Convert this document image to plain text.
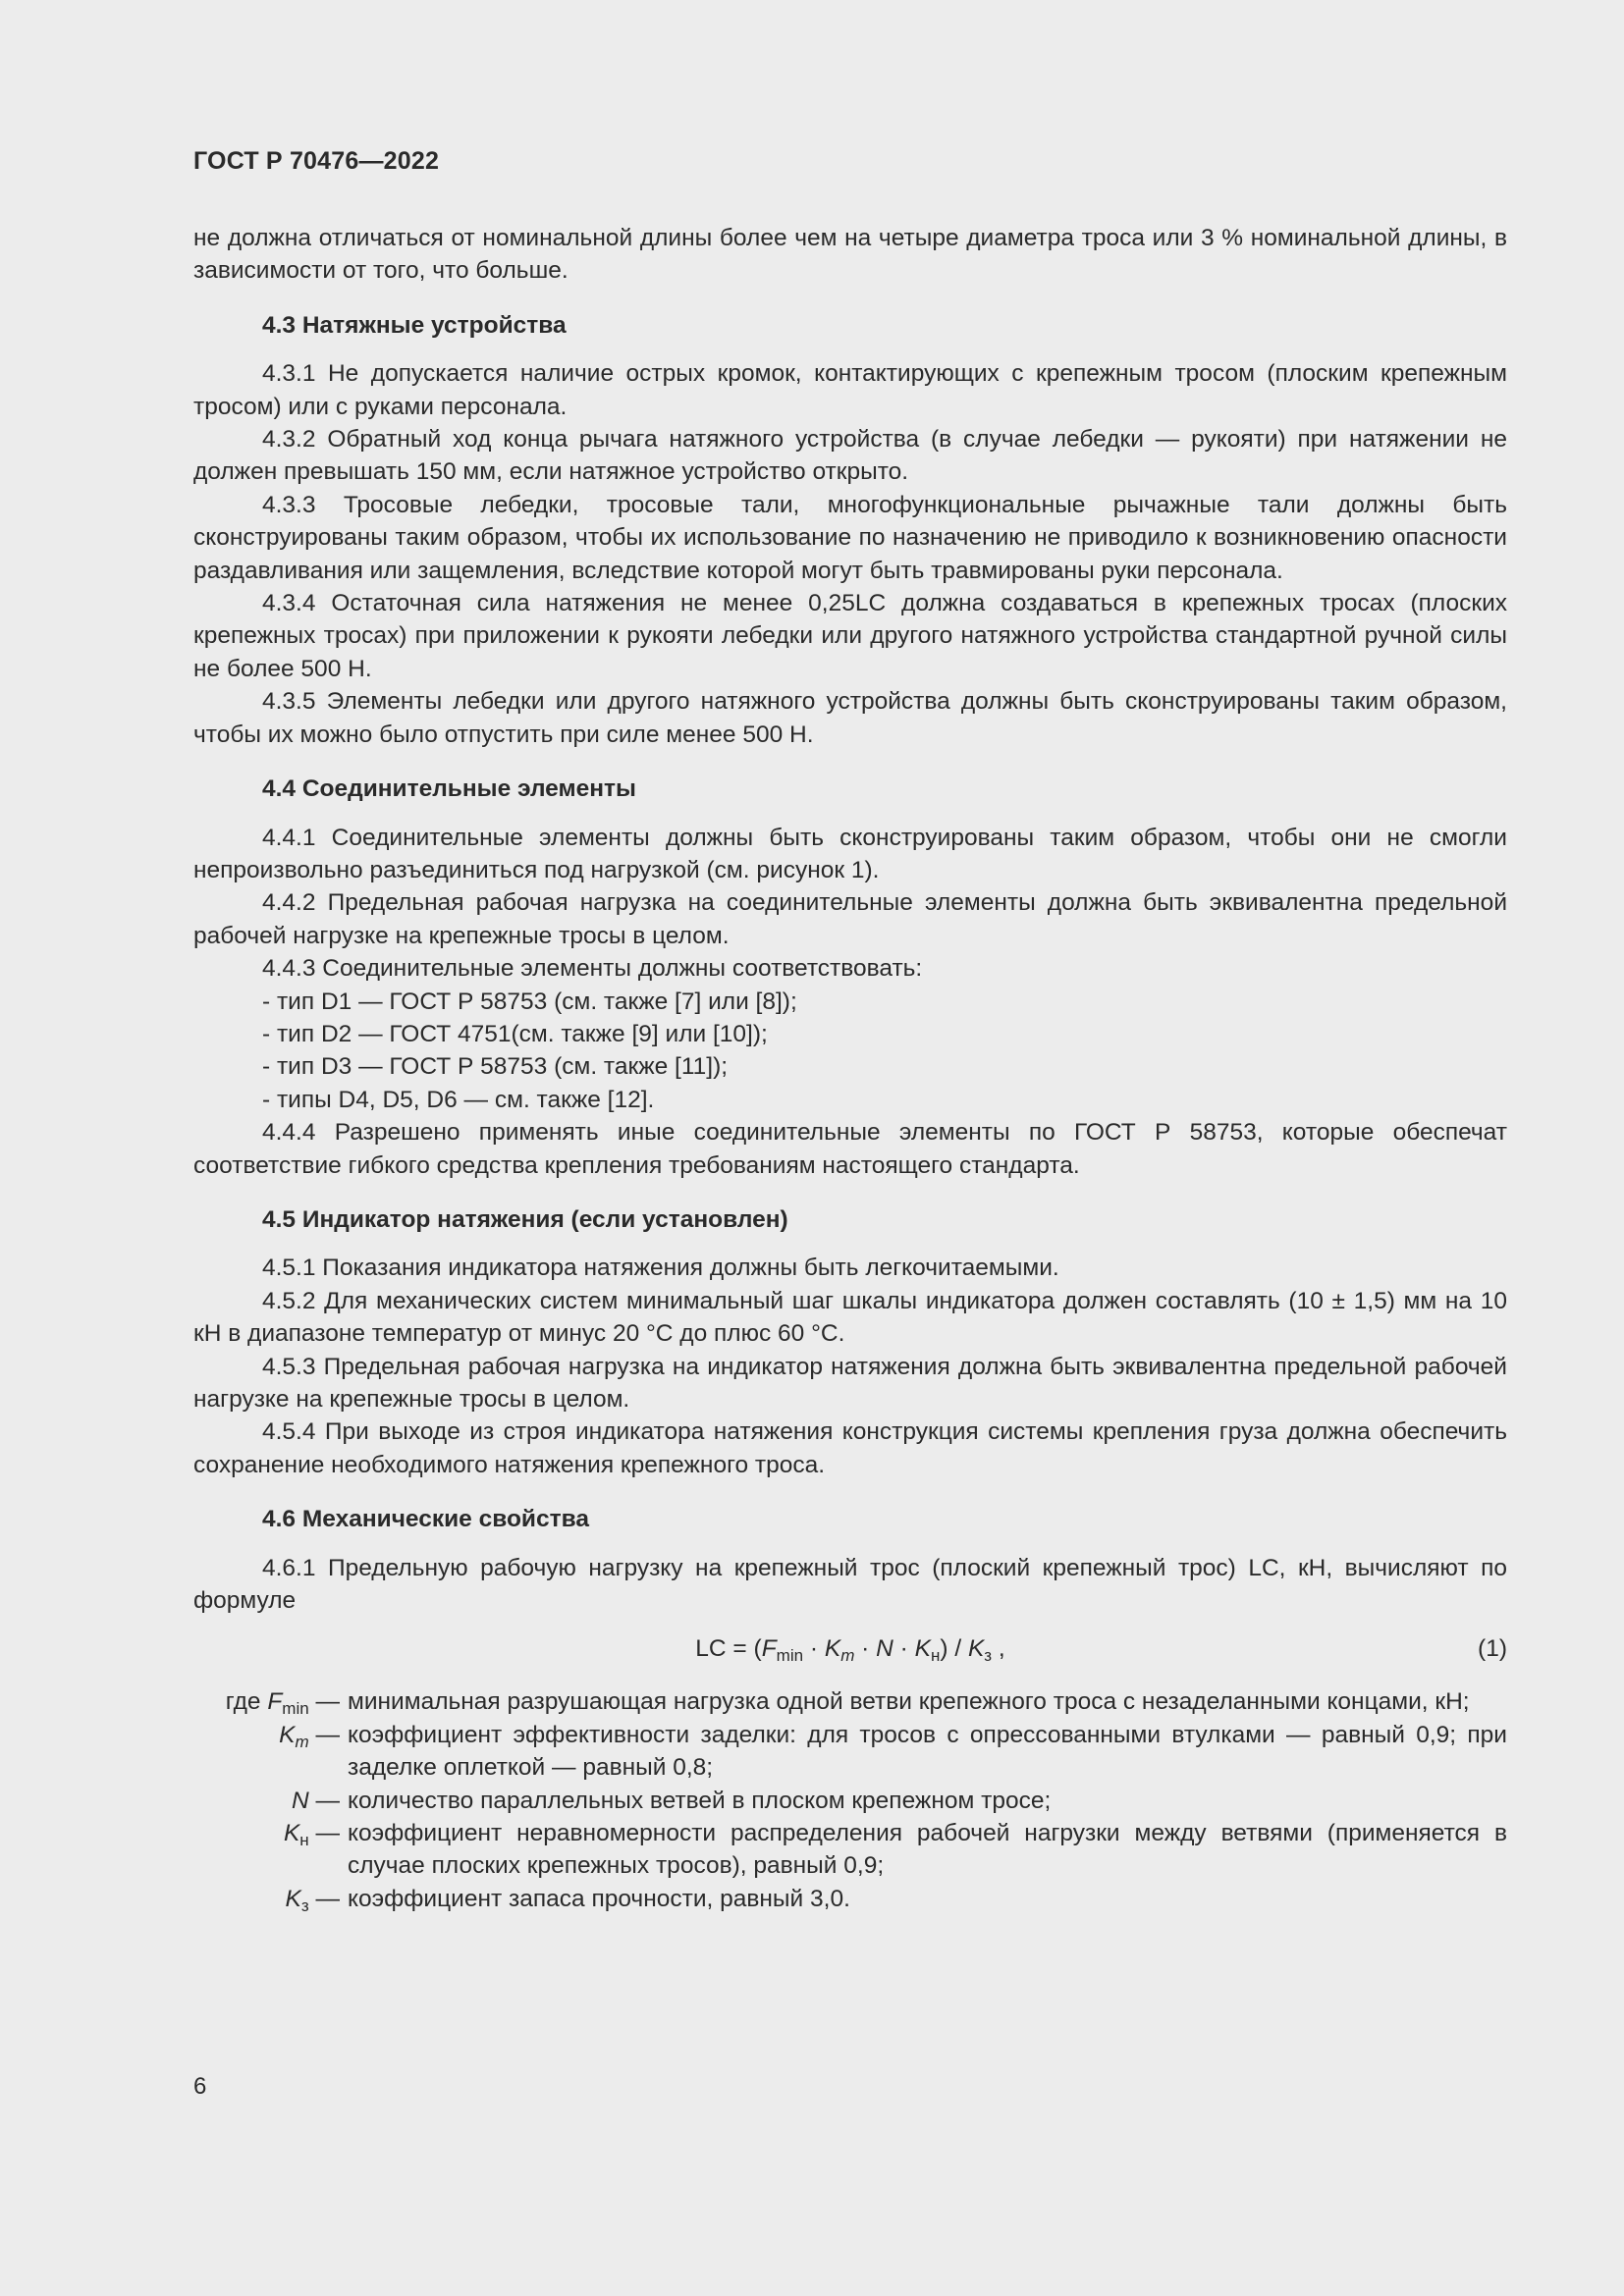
ГОСТ Р 70476—2022

не должна отличаться от номинальной длины более чем на четыре диаметра троса или 3 % номинальной длины, в зависимости от того, что больше.

4.3 Натяжные устройства

4.3.1 Не допускается наличие острых кромок, контактирующих с крепежным тросом (плоским крепежным тросом) или с руками персонала.

4.3.2 Обратный ход конца рычага натяжного устройства (в случае лебедки — рукояти) при натяжении не должен превышать 150 мм, если натяжное устройство открыто.

4.3.3 Тросовые лебедки, тросовые тали, многофункциональные рычажные тали должны быть сконструированы таким образом, чтобы их использование по назначению не приводило к возникновению опасности раздавливания или защемления, вследствие которой могут быть травмированы руки персонала.

4.3.4 Остаточная сила натяжения не менее 0,25LC должна создаваться в крепежных тросах (плоских крепежных тросах) при приложении к рукояти лебедки или другого натяжного устройства стандартной ручной силы не более 500 Н.

4.3.5 Элементы лебедки или другого натяжного устройства должны быть сконструированы таким образом, чтобы их можно было отпустить при силе менее 500 Н.

4.4 Соединительные элементы

4.4.1 Соединительные элементы должны быть сконструированы таким образом, чтобы они не смогли непроизвольно разъединиться под нагрузкой (см. рисунок 1).

4.4.2 Предельная рабочая нагрузка на соединительные элементы должна быть эквивалентна предельной рабочей нагрузке на крепежные тросы в целом.

4.4.3 Соединительные элементы должны соответствовать:

- тип D1 — ГОСТ Р 58753 (см. также [7] или [8]);

- тип D2 — ГОСТ 4751(см. также [9] или [10]);

- тип D3 — ГОСТ Р 58753 (см. также [11]);

- типы D4, D5, D6 — см. также [12].

4.4.4 Разрешено применять иные соединительные элементы по ГОСТ Р 58753, которые обеспечат соответствие гибкого средства крепления требованиям настоящего стандарта.

4.5 Индикатор натяжения (если установлен)

4.5.1 Показания индикатора натяжения должны быть легкочитаемыми.

4.5.2 Для механических систем минимальный шаг шкалы индикатора должен составлять (10 ± 1,5) мм на 10 кН в диапазоне температур от минус 20 °С до плюс 60 °С.

4.5.3 Предельная рабочая нагрузка на индикатор натяжения должна быть эквивалентна предельной рабочей нагрузке на крепежные тросы в целом.

4.5.4 При выходе из строя индикатора натяжения конструкция системы крепления груза должна обеспечить сохранение необходимого натяжения крепежного троса.

4.6 Механические свойства

4.6.1 Предельную рабочую нагрузку на крепежный трос (плоский крепежный трос) LC, кН, вычисляют по формуле

LC = $(F_{min} \cdot K_m \cdot N \cdot K_н) / K_з$ ,	(1)
где $F_{min}$ — минимальная разрушающая нагрузка одной ветви крепежного троса с незаделанными концами, кН;
$K_m$ — коэффициент эффективности заделки: для тросов с опрессованными втулками — равный 0,9; при заделке оплеткой — равный 0,8;
N — количество параллельных ветвей в плоском крепежном тросе;
$K_н$ — коэффициент неравномерности распределения рабочей нагрузки между ветвями (применяется в случае плоских крепежных тросов), равный 0,9;
$K_з$ — коэффициент запаса прочности, равный 3,0.
6
